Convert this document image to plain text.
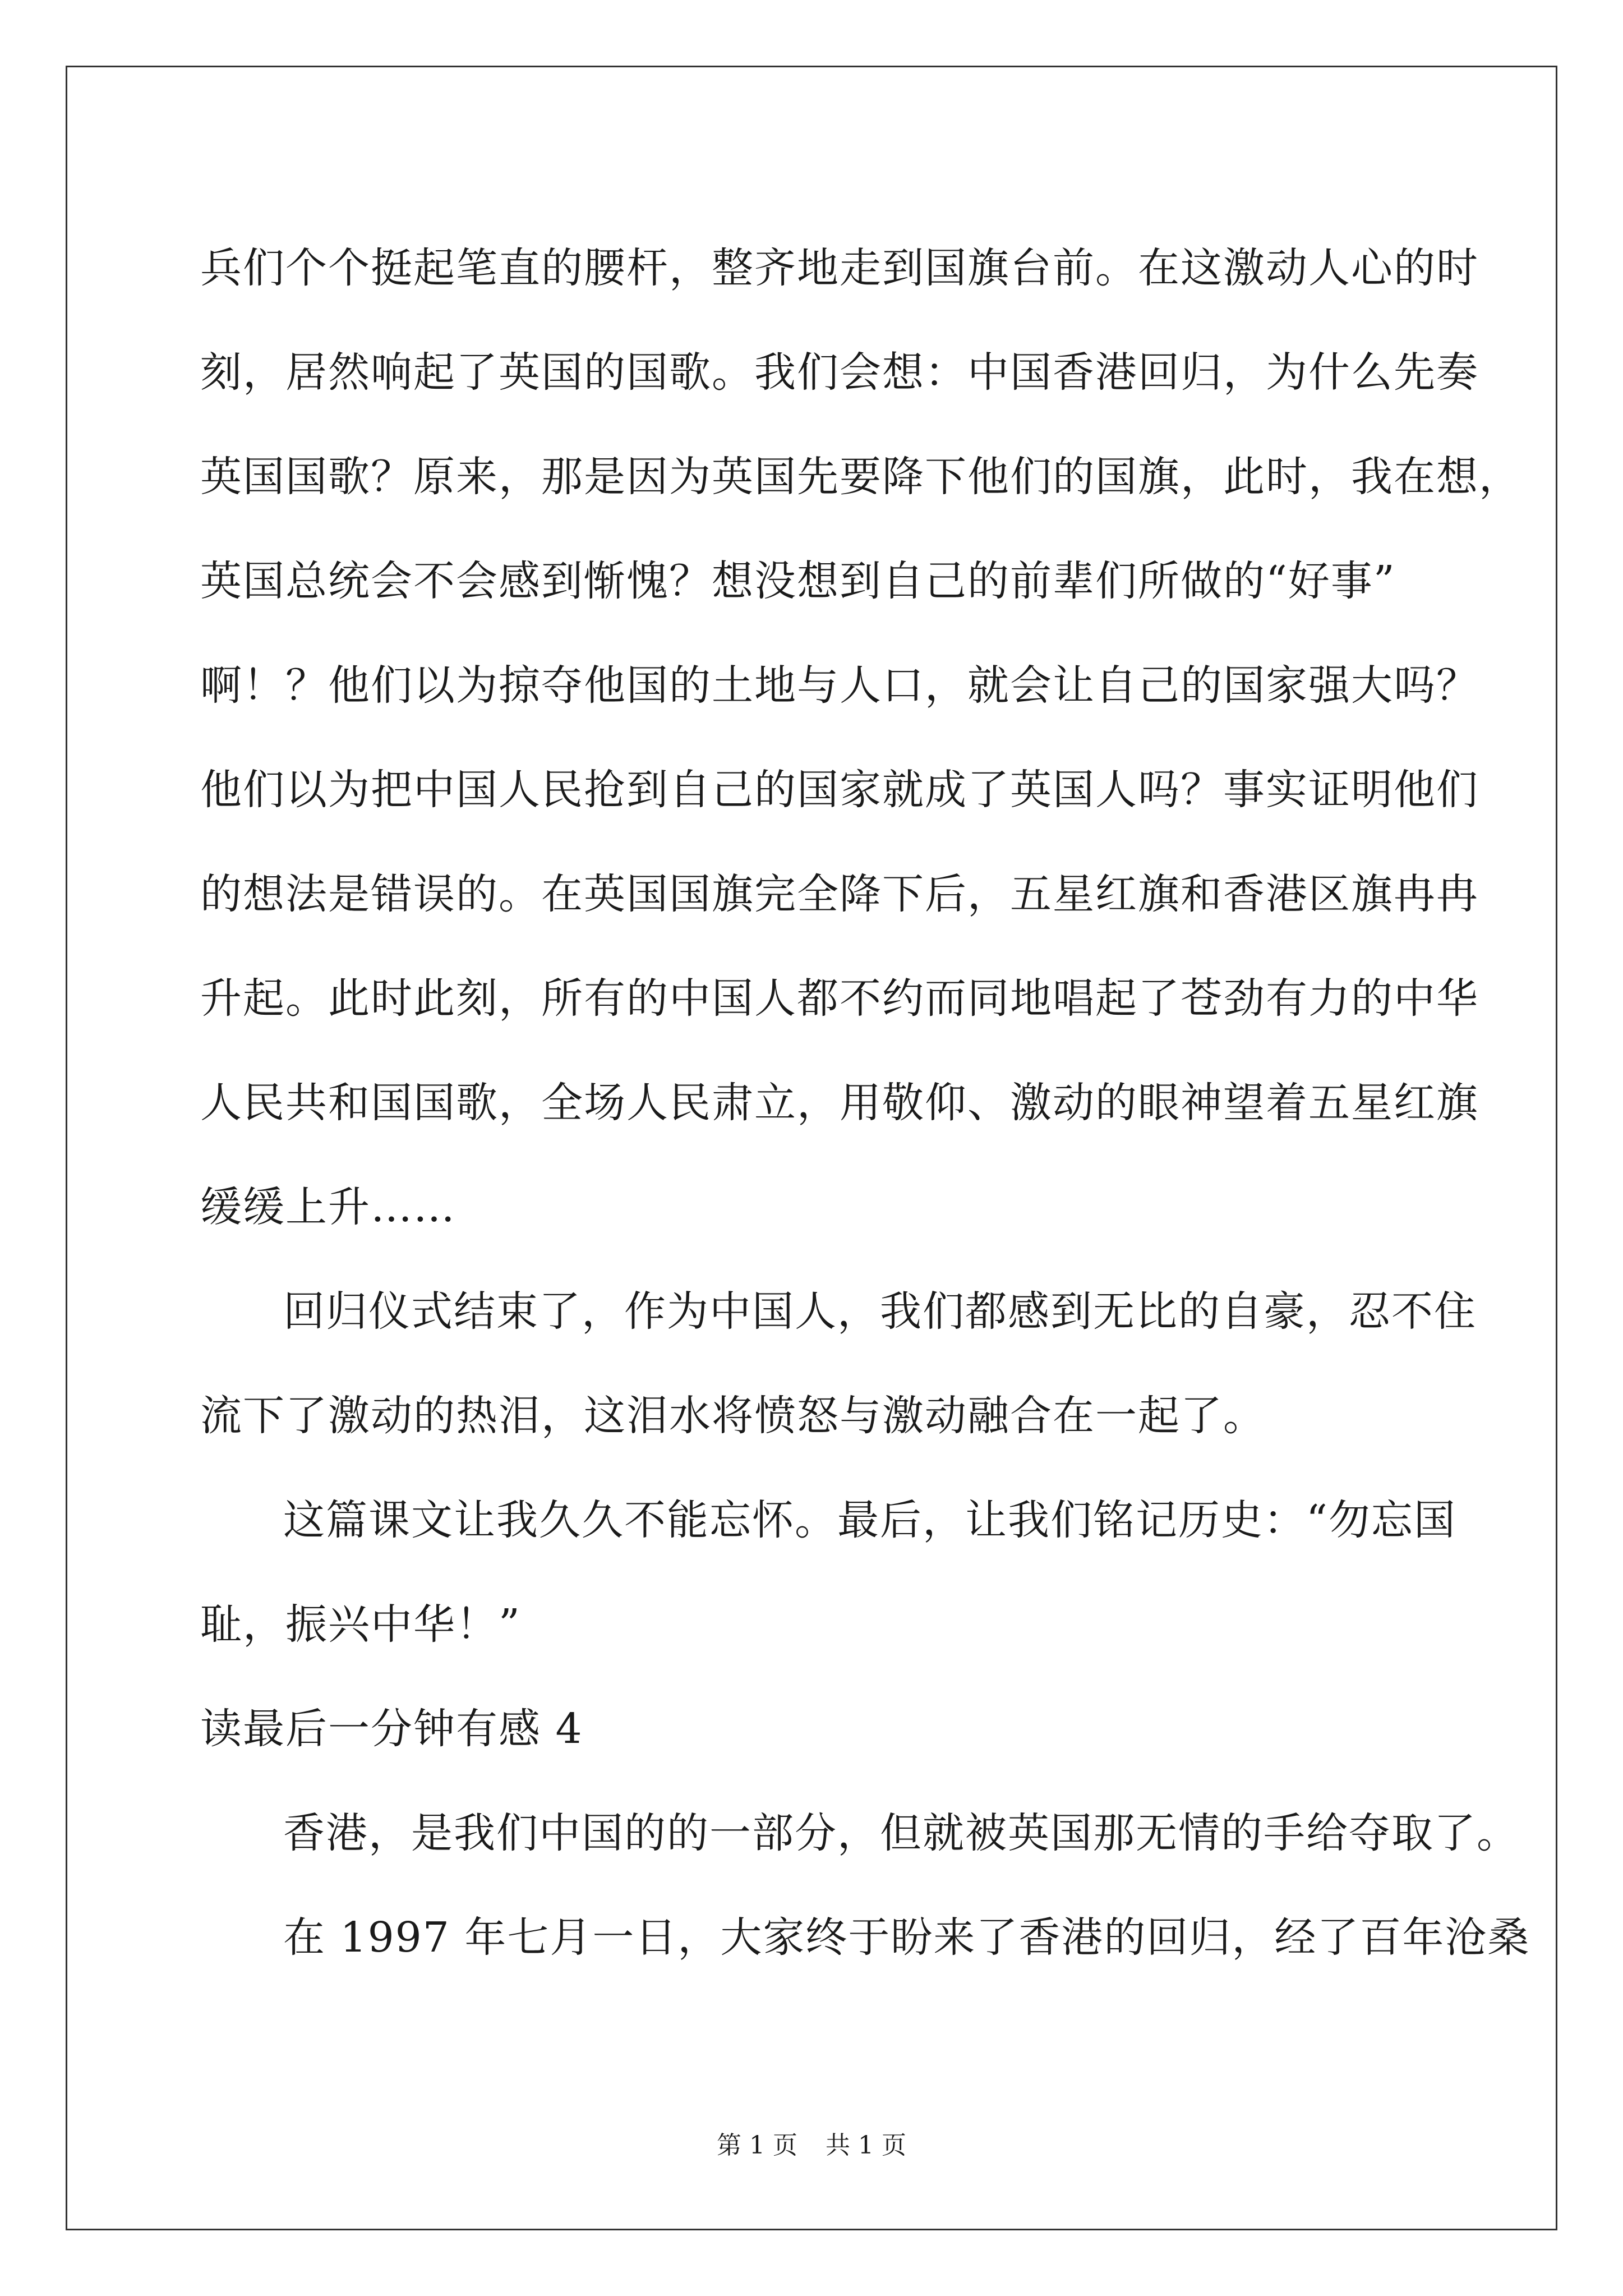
兵们个个挺起笔直的腰杆，整齐地走到国旗台前。在这激动人心的时
刻，居然响起了英国的国歌。我们会想：中国香港回归，为什么先奏
英国国歌？原来，那是因为英国先要降下他们的国旗，此时，我在想，
英国总统会不会感到惭愧？想没想到自己的前辈们所做的“好事”
啊！？他们以为掠夺他国的土地与人口，就会让自己的国家强大吗？
他们以为把中国人民抢到自己的国家就成了英国人吗？事实证明他们
的想法是错误的。在英国国旗完全降下后，五星红旗和香港区旗冉冉
升起。此时此刻，所有的中国人都不约而同地唱起了苍劲有力的中华
人民共和国国歌，全场人民肃立，用敬仰、激动的眼神望着五星红旗
缓缓上升……
回归仪式结束了，作为中国人，我们都感到无比的自豪，忍不住
流下了激动的热泪，这泪水将愤怒与激动融合在一起了。
这篇课文让我久久不能忘怀。最后，让我们铭记历史：“勿忘国
耻，振兴中华！”
读最后一分钟有感 4
香港，是我们中国的的一部分，但就被英国那无情的手给夺取了。
在 1997 年七月一日，大家终于盼来了香港的回归，经了百年沧桑
第 1 页 共 1 页
